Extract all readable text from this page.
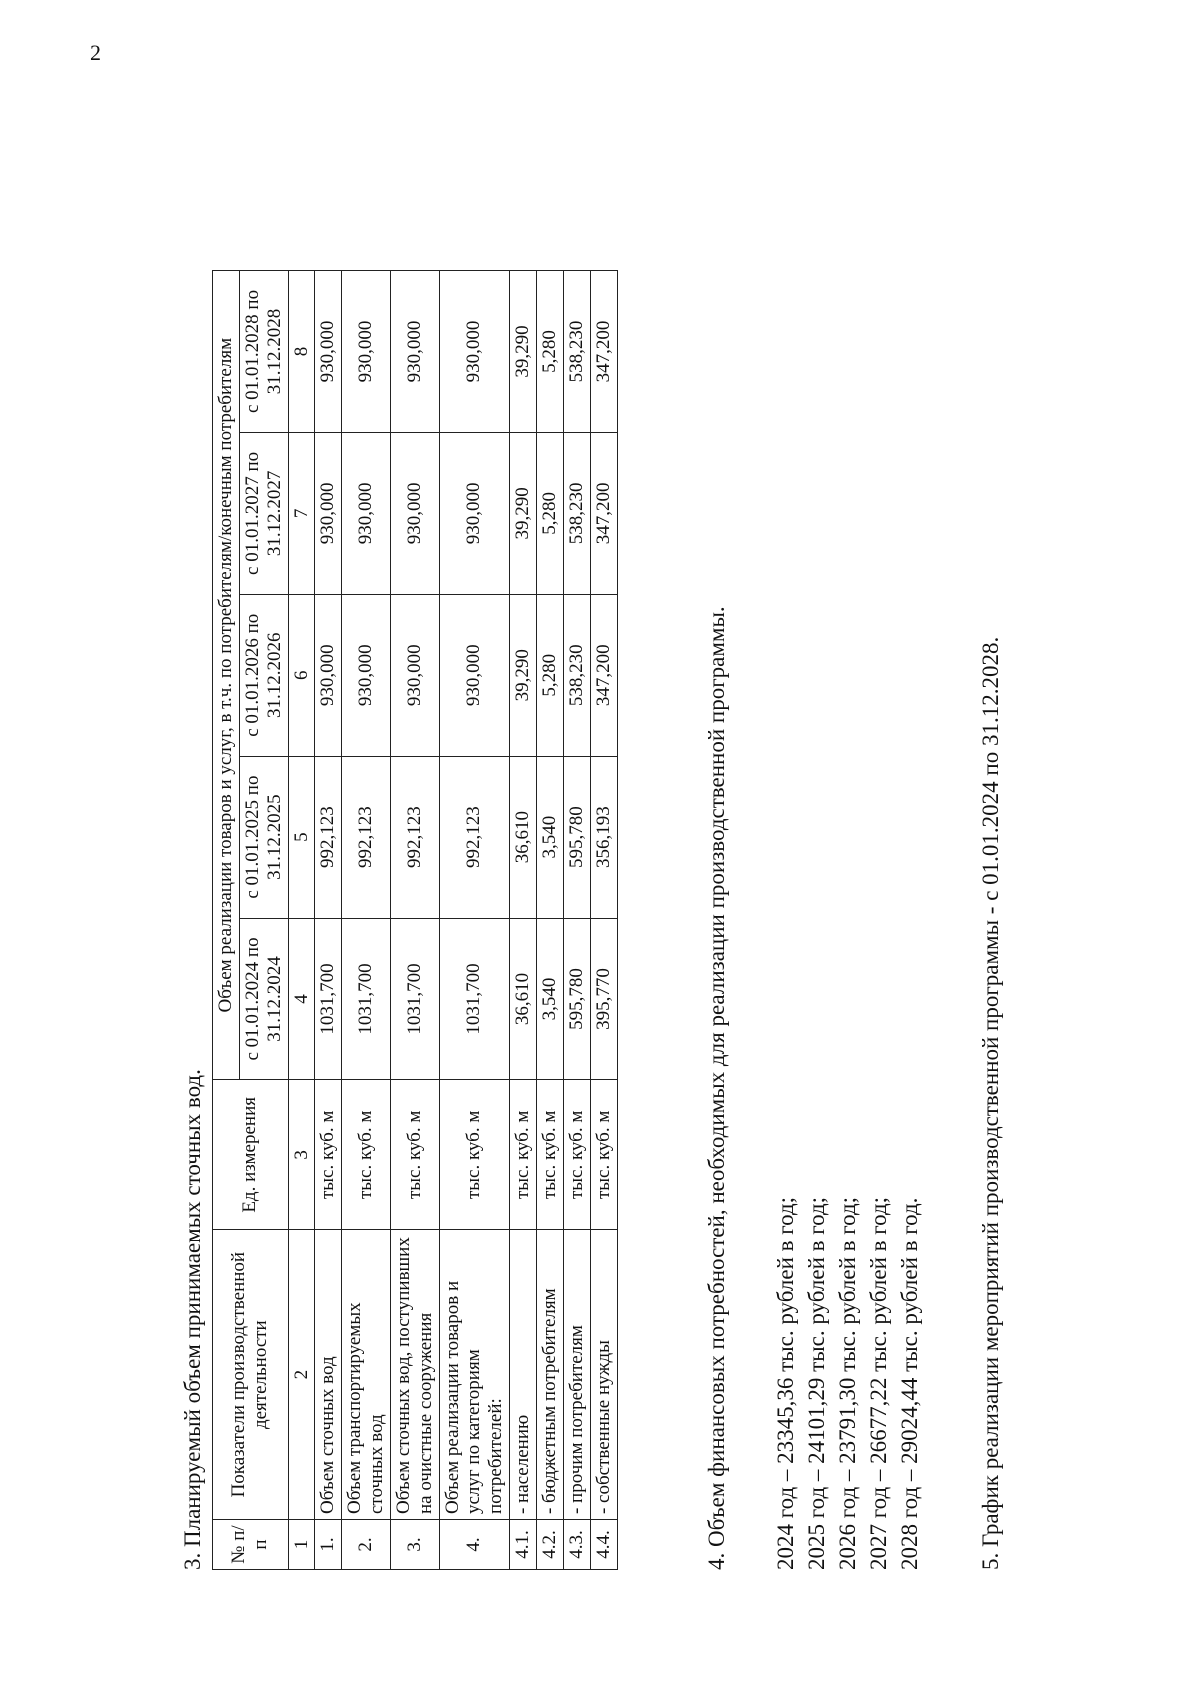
2
3. Планируемый объем принимаемых сточных вод. № п/п	Показатели производственной деятельности	Ед. измерения	Объем реализации товаров и услуг, в т.ч. по потребителям/конечным потребителям				
			с 01.01.2024 по 31.12.2024	с 01.01.2025 по 31.12.2025	с 01.01.2026 по 31.12.2026	с 01.01.2027 по 31.12.2027	с 01.01.2028 по 31.12.2028
1	2	3	4	5	6	7	8
1.	Объем сточных вод	тыс. куб. м	1031,700	992,123	930,000	930,000	930,000
2.	Объем транспортируемых сточных вод	тыс. куб. м	1031,700	992,123	930,000	930,000	930,000
3.	Объем сточных вод, поступивших на очистные сооружения	тыс. куб. м	1031,700	992,123	930,000	930,000	930,000
4.	Объем реализации товаров и услуг по категориям потребителей:	тыс. куб. м	1031,700	992,123	930,000	930,000	930,000
4.1.	- населению	тыс. куб. м	36,610	36,610	39,290	39,290	39,290
4.2.	- бюджетным потребителям	тыс. куб. м	3,540	3,540	5,280	5,280	5,280
4.3.	- прочим потребителям	тыс. куб. м	595,780	595,780	538,230	538,230	538,230
4.4.	- собственные нужды	тыс. куб. м	395,770	356,193	347,200	347,200	347,200
4. Объем финансовых потребностей, необходимых для реализации производственной программы. 2024 год – 23345,36 тыс. рублей в год; 2025 год – 24101,29 тыс. рублей в год; 2026 год – 23791,30 тыс. рублей в год; 2027 год – 26677,22 тыс. рублей в год; 2028 год – 29024,44 тыс. рублей в год. 5. График реализации мероприятий производственной программы - с 01.01.2024 по 31.12.2028.
